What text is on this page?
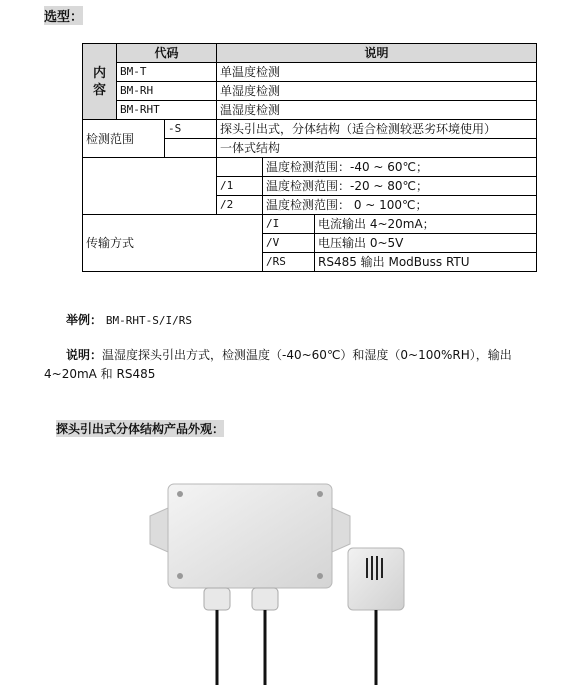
选型：
内
容	代码		说明		
	BM-T		单温度检测		
	BM-RH		单湿度检测		
	BM-RHT		温湿度检测		
检测范围		-S	探头引出式，分体结构（适合检测较恶劣环境使用）		
			一体式结构		
				温度检测范围：-40 ~ 60℃；	
			/1	温度检测范围：-20 ~ 80℃；	
			/2	温度检测范围： 0 ~ 100℃；	
传输方式				/I	电流输出 4~20mA；
				/V	电压输出 0~5V
				/RS	RS485 输出 ModBuss RTU
举例： BM-RHT-S/I/RS
说明：温湿度探头引出方式，检测温度（-40~60℃）和湿度（0~100%RH），输出 4~20mA 和 RS485
探头引出式分体结构产品外观：
